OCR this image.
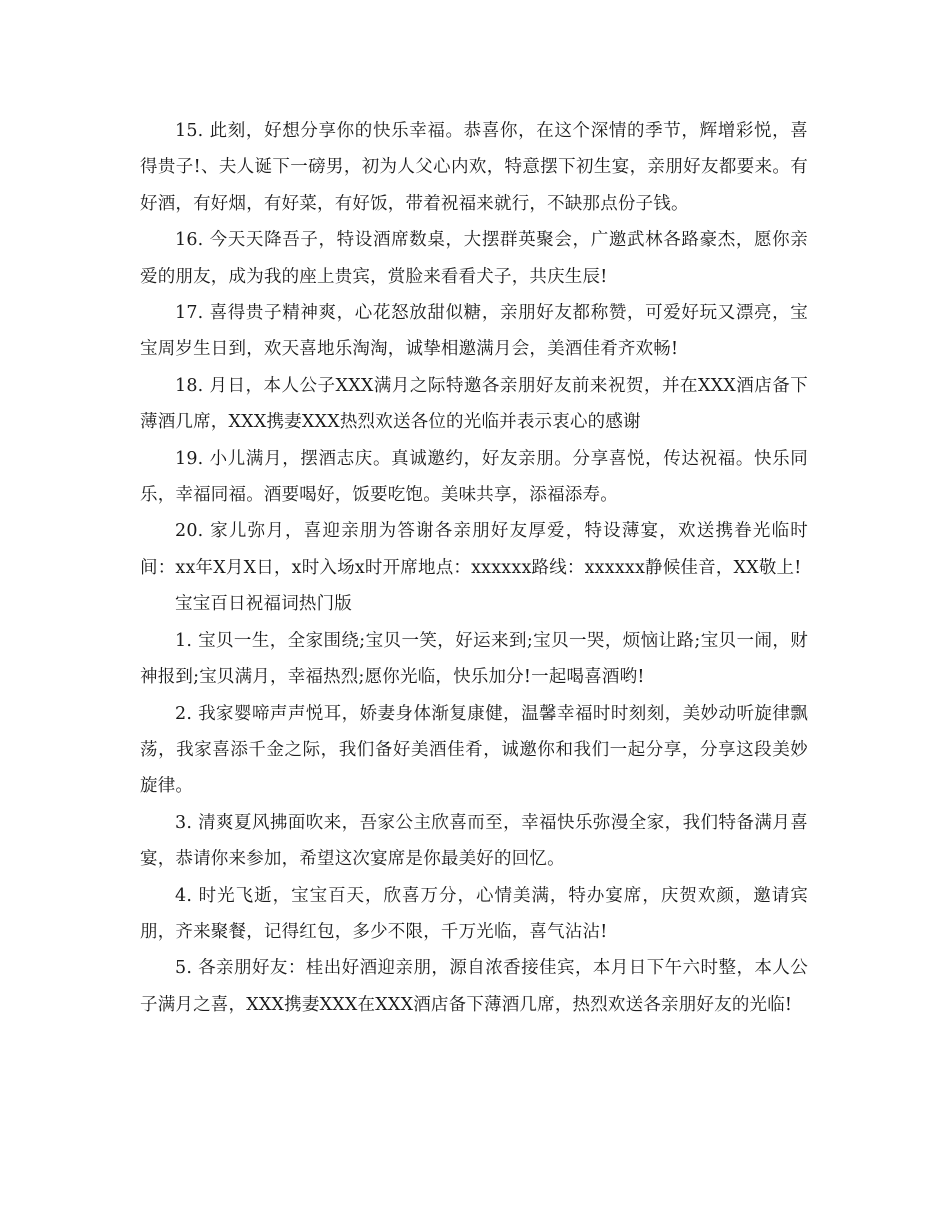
15. 此刻，好想分享你的快乐幸福。恭喜你，在这个深情的季节，辉增彩悦，喜得贵子!、夫人诞下一磅男，初为人父心内欢，特意摆下初生宴，亲朋好友都要来。有好酒，有好烟，有好菜，有好饭，带着祝福来就行，不缺那点份子钱。

16. 今天天降吾子，特设酒席数桌，大摆群英聚会，广邀武林各路豪杰，愿你亲爱的朋友，成为我的座上贵宾，赏脸来看看犬子，共庆生辰!

17. 喜得贵子精神爽，心花怒放甜似糖，亲朋好友都称赞，可爱好玩又漂亮，宝宝周岁生日到，欢天喜地乐淘淘，诚挚相邀满月会，美酒佳肴齐欢畅!

18. 月日，本人公子XXX满月之际特邀各亲朋好友前来祝贺，并在XXX酒店备下薄酒几席，XXX携妻XXX热烈欢送各位的光临并表示衷心的感谢

19. 小儿满月，摆酒志庆。真诚邀约，好友亲朋。分享喜悦，传达祝福。快乐同乐，幸福同福。酒要喝好，饭要吃饱。美味共享，添福添寿。

20. 家儿弥月，喜迎亲朋为答谢各亲朋好友厚爱，特设薄宴，欢送携眷光临时间：xx年X月X日，x时入场x时开席地点：xxxxxx路线：xxxxxx静候佳音，XX敬上!

宝宝百日祝福词热门版

1. 宝贝一生，全家围绕;宝贝一笑，好运来到;宝贝一哭，烦恼让路;宝贝一闹，财神报到;宝贝满月，幸福热烈;愿你光临，快乐加分!一起喝喜酒哟!

2. 我家婴啼声声悦耳，娇妻身体渐复康健，温馨幸福时时刻刻，美妙动听旋律飘荡，我家喜添千金之际，我们备好美酒佳肴，诚邀你和我们一起分享，分享这段美妙旋律。

3. 清爽夏风拂面吹来，吾家公主欣喜而至，幸福快乐弥漫全家，我们特备满月喜宴，恭请你来参加，希望这次宴席是你最美好的回忆。

4. 时光飞逝，宝宝百天，欣喜万分，心情美满，特办宴席，庆贺欢颜，邀请宾朋，齐来聚餐，记得红包，多少不限，千万光临，喜气沾沾!

5. 各亲朋好友：桂出好酒迎亲朋，源自浓香接佳宾，本月日下午六时整，本人公子满月之喜，XXX携妻XXX在XXX酒店备下薄酒几席，热烈欢送各亲朋好友的光临!
